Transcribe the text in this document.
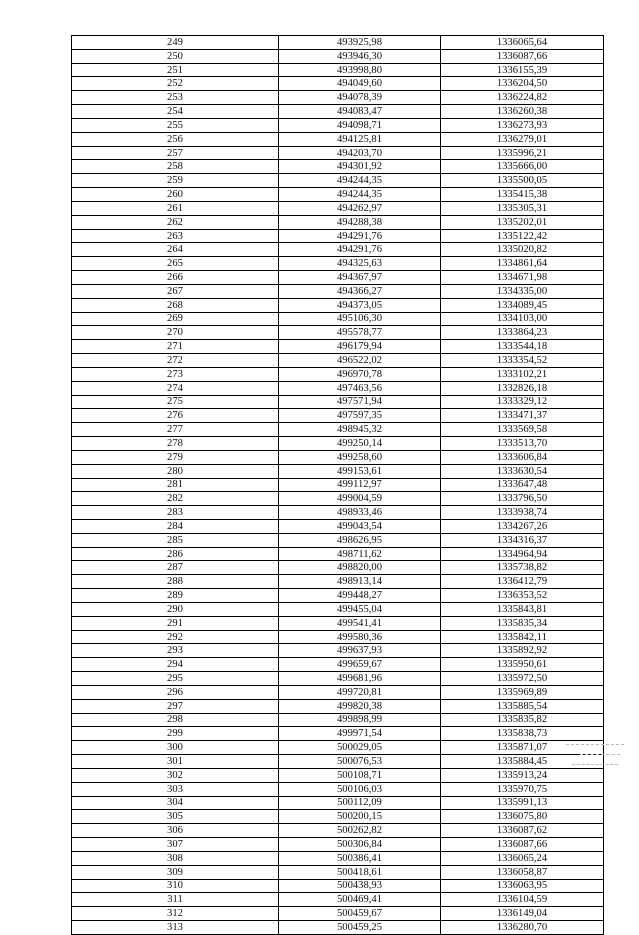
249	493925,98	1336065,64
250	493946,30	1336087,66
251	493998,80	1336155,39
252	494049,60	1336204,50
253	494078,39	1336224,82
254	494083,47	1336260,38
255	494098,71	1336273,93
256	494125,81	1336279,01
257	494203,70	1335996,21
258	494301,92	1335666,00
259	494244,35	1335500,05
260	494244,35	1335415,38
261	494262,97	1335305,31
262	494288,38	1335202,01
263	494291,76	1335122,42
264	494291,76	1335020,82
265	494325,63	1334861,64
266	494367,97	1334671,98
267	494366,27	1334335,00
268	494373,05	1334089,45
269	495106,30	1334103,00
270	495578,77	1333864,23
271	496179,94	1333544,18
272	496522,02	1333354,52
273	496970,78	1333102,21
274	497463,56	1332826,18
275	497571,94	1333329,12
276	497597,35	1333471,37
277	498945,32	1333569,58
278	499250,14	1333513,70
279	499258,60	1333606,84
280	499153,61	1333630,54
281	499112,97	1333647,48
282	499004,59	1333796,50
283	498933,46	1333938,74
284	499043,54	1334267,26
285	498626,95	1334316,37
286	498711,62	1334964,94
287	498820,00	1335738,82
288	498913,14	1336412,79
289	499448,27	1336353,52
290	499455,04	1335843,81
291	499541,41	1335835,34
292	499580,36	1335842,11
293	499637,93	1335892,92
294	499659,67	1335950,61
295	499681,96	1335972,50
296	499720,81	1335969,89
297	499820,38	1335885,54
298	499898,99	1335835,82
299	499971,54	1335838,73
300	500029,05	1335871,07
301	500076,53	1335884,45
302	500108,71	1335913,24
303	500106,03	1335970,75
304	500112,09	1335991,13
305	500200,15	1336075,80
306	500262,82	1336087,62
307	500306,84	1336087,66
308	500386,41	1336065,24
309	500418,61	1336058,87
310	500438,93	1336063,95
311	500469,41	1336104,59
312	500459,67	1336149,04
313	500459,25	1336280,70
